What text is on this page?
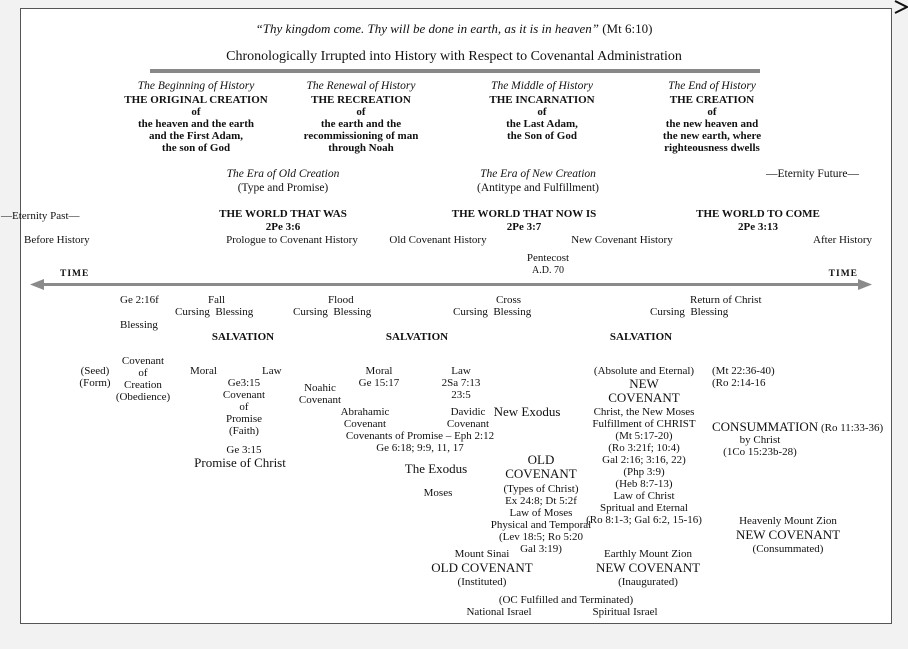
“Thy kingdom come. Thy will be done in earth, as it is in heaven” (Mt 6:10)
Chronologically Irrupted into History with Respect to Covenantal Administration
The Beginning of History
THE ORIGINAL CREATION
of
the heaven and the earth
and the First Adam,
the son of God
The Renewal of History
THE RECREATION
of
the earth and the
recommissioning of man
through Noah
The Middle of History
THE INCARNATION
of
the Last Adam,
the Son of God
The End of History
THE CREATION
of
the new heaven and
the new earth, where
righteousness dwells
The Era of Old Creation
(Type and Promise)
The Era of New Creation
(Antitype and Fulfillment)
—Eternity Future—
—Eternity Past—	THE WORLD THAT WAS
2Pe 3:6
THE WORLD THAT NOW IS
2Pe 3:7
THE WORLD TO COME
2Pe 3:13
Before History	Prologue to Covenant History	Old Covenant History	New Covenant History	After History
Pentecost
A.D. 70
TIME	TIME
Ge 2:16f
Blessing
Fall
Cursing  Blessing
Flood
Cursing  Blessing
Cross
Cursing  Blessing
Return of Christ
Cursing  Blessing
SALVATION	SALVATION	SALVATION
(Seed)
(Form)
Covenant
of
Creation
(Obedience)
Moral	Law
Ge3:15
Covenant
of
Promise
(Faith)
Ge 3:15
Promise of Christ
Noahic
Covenant
Moral
Ge 15:17
Law
2Sa 7:13
23:5
Abrahamic
Covenant
Davidic
Covenant
Covenants of Promise – Eph 2:12
Ge 6:18; 9:9, 11, 17
New Exodus
The Exodus
Moses
OLD
COVENANT
(Types of Christ)
Ex 24:8; Dt 5:2f
Law of Moses
Physical and Temporal
(Lev 18:5; Ro 5:20
Gal 3:19)
(Absolute and Eternal)
NEW
COVENANT
Christ, the New Moses
Fulfillment of CHRIST
(Mt 5:17-20)
(Ro 3:21f; 10:4)
Gal 2:16; 3:16, 22)
(Php 3:9)
(Heb 8:7-13)
Law of Christ
Spritual and Eternal
(Ro 8:1-3; Gal 6:2, 15-16)
(Mt 22:36-40)
(Ro 2:14-16
CONSUMMATION (Ro 11:33-36)
by Christ
(1Co 15:23b-28)
Heavenly Mount Zion
NEW COVENANT
(Consummated)
Mount Sinai
OLD COVENANT
(Instituted)
Earthly Mount Zion
NEW COVENANT
(Inaugurated)
(OC Fulfilled and Terminated)
National Israel	Spiritual Israel
